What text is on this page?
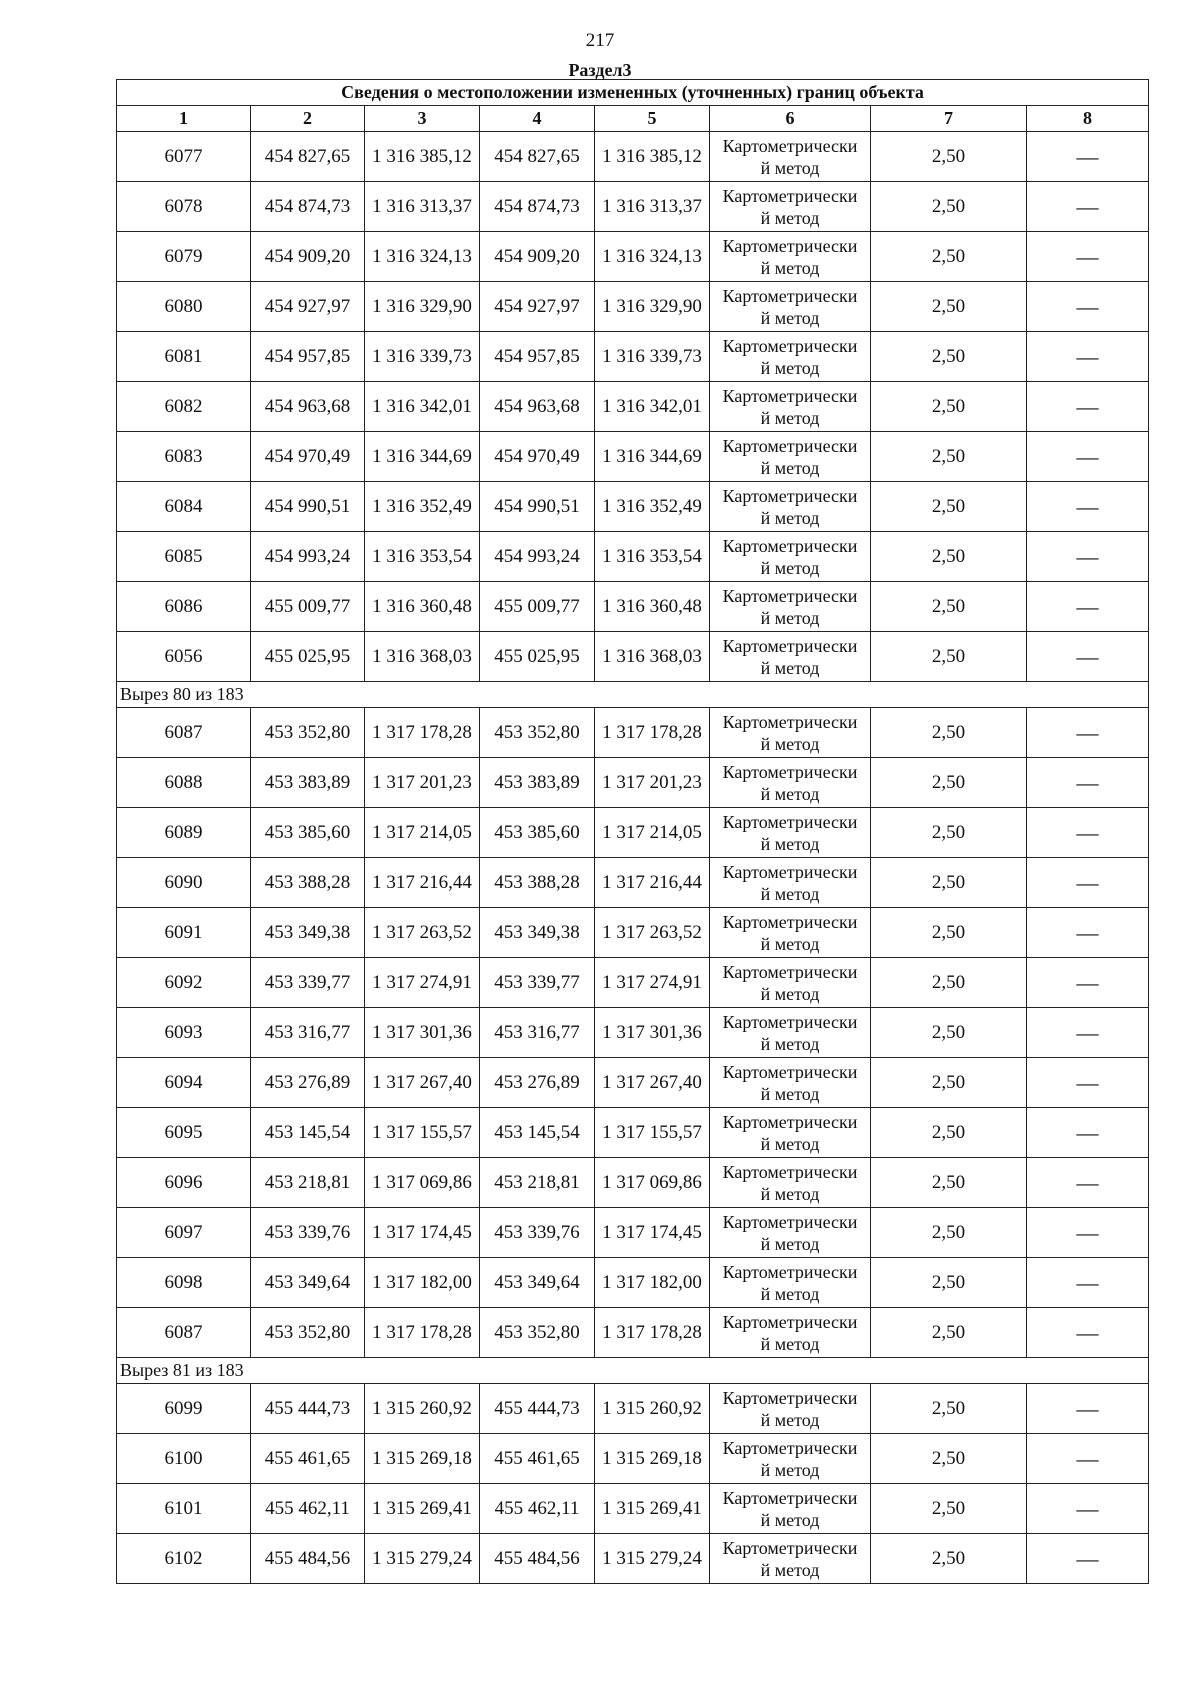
217
Раздел3
Сведения о местоположении измененных (уточненных) границ объекта							
1	2	3	4	5	6	7	8
6077	454 827,65	1 316 385,12	454 827,65	1 316 385,12	Картометрически
й метод	2,50	—
6078	454 874,73	1 316 313,37	454 874,73	1 316 313,37	Картометрически
й метод	2,50	—
6079	454 909,20	1 316 324,13	454 909,20	1 316 324,13	Картометрически
й метод	2,50	—
6080	454 927,97	1 316 329,90	454 927,97	1 316 329,90	Картометрически
й метод	2,50	—
6081	454 957,85	1 316 339,73	454 957,85	1 316 339,73	Картометрически
й метод	2,50	—
6082	454 963,68	1 316 342,01	454 963,68	1 316 342,01	Картометрически
й метод	2,50	—
6083	454 970,49	1 316 344,69	454 970,49	1 316 344,69	Картометрически
й метод	2,50	—
6084	454 990,51	1 316 352,49	454 990,51	1 316 352,49	Картометрически
й метод	2,50	—
6085	454 993,24	1 316 353,54	454 993,24	1 316 353,54	Картометрически
й метод	2,50	—
6086	455 009,77	1 316 360,48	455 009,77	1 316 360,48	Картометрически
й метод	2,50	—
6056	455 025,95	1 316 368,03	455 025,95	1 316 368,03	Картометрически
й метод	2,50	—
Вырез 80 из 183							
6087	453 352,80	1 317 178,28	453 352,80	1 317 178,28	Картометрически
й метод	2,50	—
6088	453 383,89	1 317 201,23	453 383,89	1 317 201,23	Картометрически
й метод	2,50	—
6089	453 385,60	1 317 214,05	453 385,60	1 317 214,05	Картометрически
й метод	2,50	—
6090	453 388,28	1 317 216,44	453 388,28	1 317 216,44	Картометрически
й метод	2,50	—
6091	453 349,38	1 317 263,52	453 349,38	1 317 263,52	Картометрически
й метод	2,50	—
6092	453 339,77	1 317 274,91	453 339,77	1 317 274,91	Картометрически
й метод	2,50	—
6093	453 316,77	1 317 301,36	453 316,77	1 317 301,36	Картометрически
й метод	2,50	—
6094	453 276,89	1 317 267,40	453 276,89	1 317 267,40	Картометрически
й метод	2,50	—
6095	453 145,54	1 317 155,57	453 145,54	1 317 155,57	Картометрически
й метод	2,50	—
6096	453 218,81	1 317 069,86	453 218,81	1 317 069,86	Картометрически
й метод	2,50	—
6097	453 339,76	1 317 174,45	453 339,76	1 317 174,45	Картометрически
й метод	2,50	—
6098	453 349,64	1 317 182,00	453 349,64	1 317 182,00	Картометрически
й метод	2,50	—
6087	453 352,80	1 317 178,28	453 352,80	1 317 178,28	Картометрически
й метод	2,50	—
Вырез 81 из 183							
6099	455 444,73	1 315 260,92	455 444,73	1 315 260,92	Картометрически
й метод	2,50	—
6100	455 461,65	1 315 269,18	455 461,65	1 315 269,18	Картометрически
й метод	2,50	—
6101	455 462,11	1 315 269,41	455 462,11	1 315 269,41	Картометрически
й метод	2,50	—
6102	455 484,56	1 315 279,24	455 484,56	1 315 279,24	Картометрически
й метод	2,50	—
